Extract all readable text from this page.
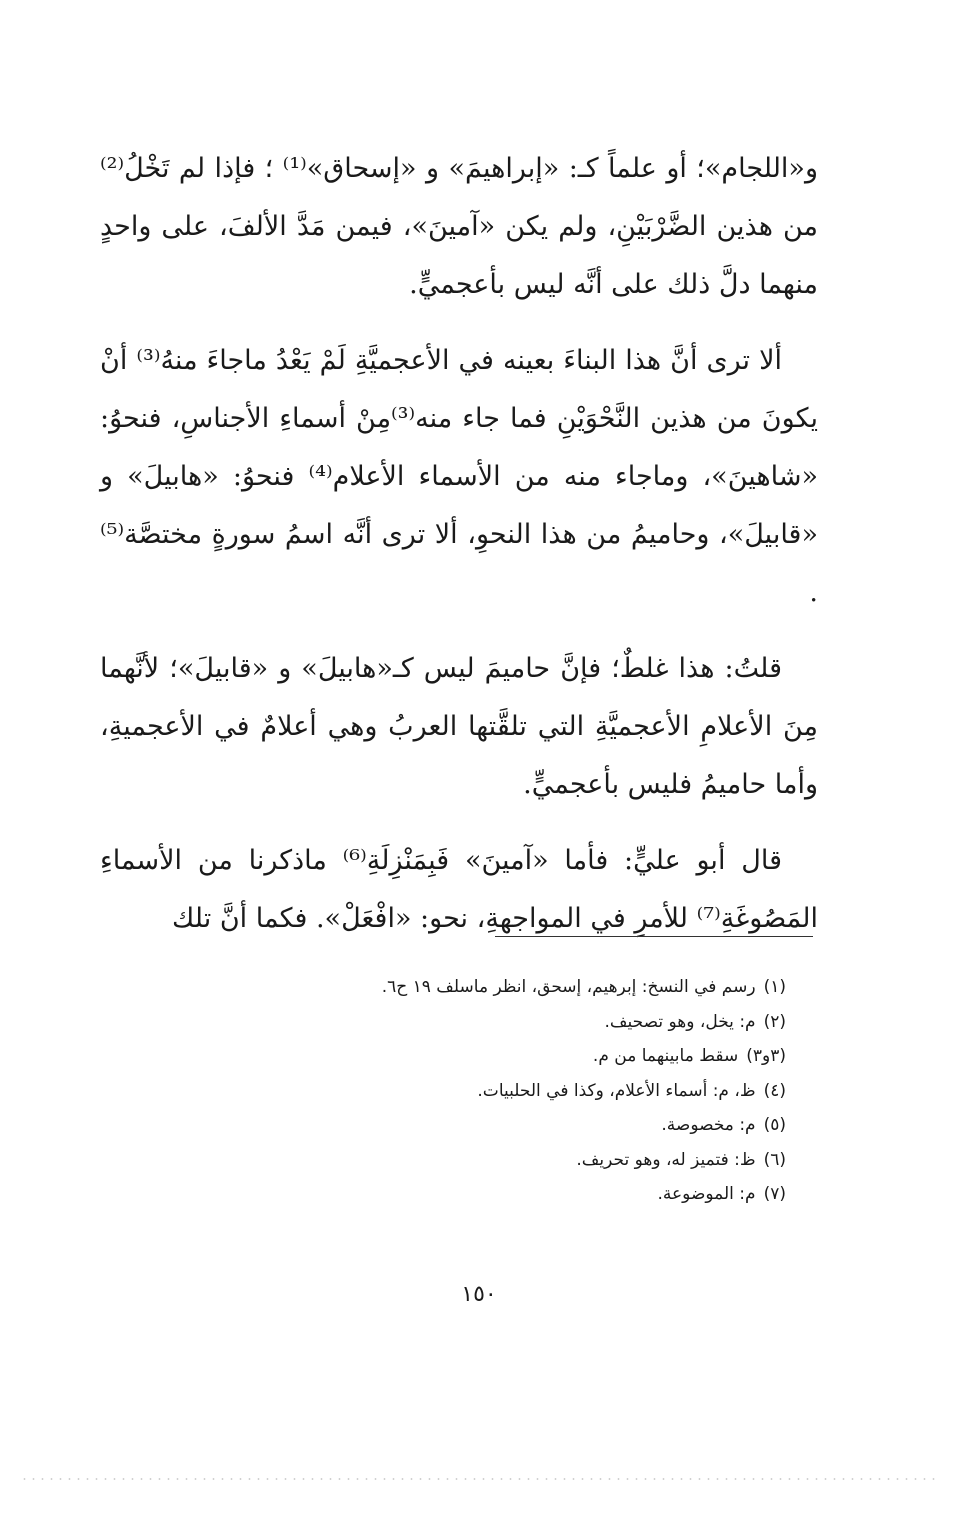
و«اللجام»؛ أو علماً كـ: «إبراهيمَ» و «إسحاق»⁽¹⁾ ؛ فإذا لم تَخْلُ⁽²⁾ من هذين الضَّرْبَيْنِ، ولم يكن «آمينَ»، فيمن مَدَّ الألفَ، على واحدٍ منهما دلَّ ذلك على أنَّه ليس بأعجميٍّ.

ألا ترى أنَّ هذا البناءَ بعينه في الأعجميَّةِ لَمْ يَعْدُ ماجاءَ منهُ⁽³⁾ أنْ يكونَ من هذين النَّحْوَيْنِ فما جاء منه⁽³⁾مِنْ أسماءِ الأجناسِ، فنحوُ: «شاهينَ»، وماجاء منه من الأسماء الأعلام⁽⁴⁾ فنحوُ: «هابيلَ» و «قابيلَ»، وحاميمُ من هذا النحوِ، ألا ترى أنَّه اسمُ سورةٍ مختصَّة⁽⁵⁾ .

قلتُ: هذا غلطٌ؛ فإنَّ حاميمَ ليس كـ«هابيلَ» و «قابيلَ»؛ لأنَّهما مِنَ الأعلامِ الأعجميَّةِ التي تلقَّتها العربُ وهي أعلامٌ في الأعجميةِ، وأما حاميمُ فليس بأعجميٍّ.

قال أبو عليٍّ: فأما «آمينَ» فَبِمَنْزِلَةِ⁽⁶⁾ ماذكرنا من الأسماءِ المَصُوغَةِ⁽⁷⁾ للأمرِ في المواجهةِ، نحو: «افْعَلْ». فكما أنَّ تلك

(١)رسم في النسخ: إبرهيم، إسحق، انظر ماسلف ١٩ ح٦.
(٢)م: يخل، وهو تصحيف.
(٣و٣)سقط مابينهما من م.
(٤)ظ، م: أسماء الأعلام، وكذا في الحلبيات.
(٥)م: مخصوصة.
(٦)ظ: فتميز له، وهو تحريف.
(٧)م: الموضوعة.
١٥٠
